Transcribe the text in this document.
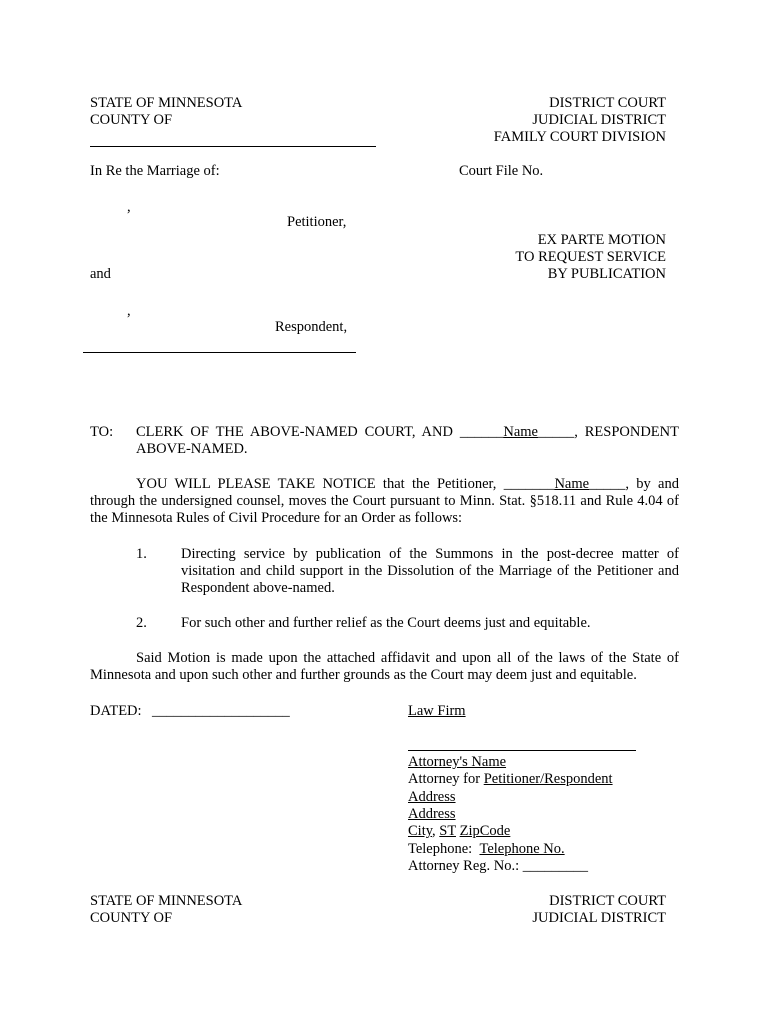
STATE OF MINNESOTA
COUNTY OF
DISTRICT COURT
JUDICIAL DISTRICT
FAMILY COURT DIVISION
In Re the Marriage of:	Court File No.
,
Petitioner,
EX PARTE MOTION
TO REQUEST SERVICE
BY PUBLICATION
and
,
Respondent,
TO: CLERK OF THE ABOVE-NAMED COURT, AND ______Name_____, RESPONDENT
ABOVE-NAMED.
YOU WILL PLEASE TAKE NOTICE that the Petitioner, _______Name_____, by and
through the undersigned counsel, moves the Court pursuant to Minn. Stat. §518.11 and Rule 4.04 of
the Minnesota Rules of Civil Procedure for an Order as follows:
1. Directing service by publication of the Summons in the post-decree matter of
visitation and child support in the Dissolution of the Marriage of the Petitioner and
Respondent above-named.
2. For such other and further relief as the Court deems just and equitable.
Said Motion is made upon the attached affidavit and upon all of the laws of the State of
Minnesota and upon such other and further grounds as the Court may deem just and equitable.
DATED: ___________________	Law Firm
Attorney's Name
Attorney for Petitioner/Respondent
Address
Address
City, ST ZipCode
Telephone: Telephone No.
Attorney Reg. No.: _________
STATE OF MINNESOTA
COUNTY OF
DISTRICT COURT
JUDICIAL DISTRICT
